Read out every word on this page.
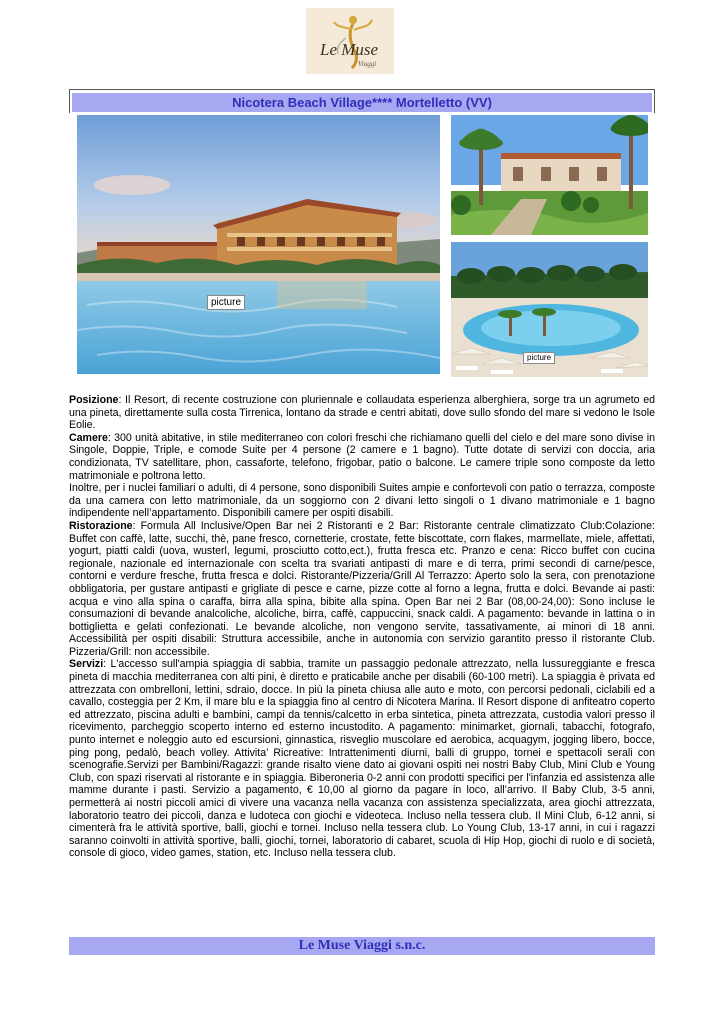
Le Muse
Viaggi
Nicotera Beach Village**** Mortelletto (VV)
picture
picture

Posizione: Il Resort, di recente costruzione con pluriennale e collaudata esperienza alberghiera, sorge tra un agrumeto ed una pineta, direttamente sulla costa Tirrenica, lontano da strade e centri abitati, dove sullo sfondo del mare si vedono le Isole Eolie.

Camere: 300 unità abitative, in stile mediterraneo con colori freschi che richiamano quelli del cielo e del mare sono divise in Singole, Doppie, Triple, e comode Suite per 4 persone (2 camere e 1 bagno). Tutte dotate di servizi con doccia, aria condizionata, TV satellitare, phon, cassaforte, telefono, frigobar, patio o balcone. Le camere triple sono composte da letto matrimoniale e poltrona letto.

Inoltre, per i nuclei familiari o adulti, di 4 persone, sono disponibili Suites ampie e confortevoli con patio o terrazza, composte da una camera con letto matrimoniale, da un soggiorno con 2 divani letto singoli o 1 divano matrimoniale e 1 bagno indipendente nell’appartamento. Disponibili camere per ospiti disabili.

Ristorazione: Formula All Inclusive/Open Bar nei 2 Ristoranti e 2 Bar: Ristorante centrale climatizzato Club:Colazione: Buffet con caffè, latte, succhi, thè, pane fresco, cornetterie, crostate, fette biscottate, corn flakes, marmellate, miele, affettati, yogurt, piatti caldi (uova, wusterl, legumi, prosciutto cotto,ect.), frutta fresca etc. Pranzo e cena: Ricco buffet con cucina regionale, nazionale ed internazionale con scelta tra svariati antipasti di mare e di terra, primi secondi di carne/pesce, contorni e verdure fresche, frutta fresca e dolci. Ristorante/Pizzeria/Grill Al Terrazzo: Aperto solo la sera, con prenotazione obbligatoria, per gustare antipasti e grigliate di pesce e carne, pizze cotte al forno a legna, frutta e dolci. Bevande ai pasti: acqua e vino alla spina o caraffa, birra alla spina, bibite alla spina. Open Bar nei 2 Bar (08,00-24,00): Sono incluse le consumazioni di bevande analcoliche, alcoliche, birra, caffè, cappuccini, snack caldi. A pagamento: bevande in lattina o in bottiglietta e gelati confezionati. Le bevande alcoliche, non vengono servite, tassativamente, ai minori di 18 anni. Accessibilità per ospiti disabili: Struttura accessibile, anche in autonomia con servizio garantito presso il ristorante Club. Pizzeria/Grill: non accessibile.

Servizi: L'accesso sull'ampia spiaggia di sabbia, tramite un passaggio pedonale attrezzato, nella lussureggiante e fresca pineta di macchia mediterranea con alti pini, è diretto e praticabile anche per disabili (60-100 metri). La spiaggia è privata ed attrezzata con ombrelloni, lettini, sdraio, docce. In più la pineta chiusa alle auto e moto, con percorsi pedonali, ciclabili ed a cavallo, costeggia per 2 Km, il mare blu e la spiaggia fino al centro di Nicotera Marina. Il Resort dispone di anfiteatro coperto ed attrezzato, piscina adulti e bambini, campi da tennis/calcetto in erba sintetica, pineta attrezzata, custodia valori presso il ricevimento, parcheggio scoperto interno ed esterno incustodito. A pagamento: minimarket, giornali, tabacchi, fotografo, punto internet e noleggio auto ed escursioni, ginnastica, risveglio muscolare ed aerobica, acquagym, jogging libero, bocce, ping pong, pedalò, beach volley. Attivita’ Ricreative: Intrattenimenti diurni, balli di gruppo, tornei e spettacoli serali con scenografie.Servizi per Bambini/Ragazzi: grande risalto viene dato ai giovani ospiti nei nostri Baby Club, Mini Club e Young Club, con spazi riservati al ristorante e in spiaggia. Biberoneria 0-2 anni con prodotti specifici per l'infanzia ed assistenza alle mamme durante i pasti. Servizio a pagamento, € 10,00 al giorno da pagare in loco, all’arrivo. Il Baby Club, 3-5 anni, permetterà ai nostri piccoli amici di vivere una vacanza nella vacanza con assistenza specializzata, area giochi attrezzata, laboratorio teatro dei piccoli, danza e ludoteca con giochi e videoteca. Incluso nella tessera club. Il Mini Club, 6-12 anni, si cimenterà fra le attività sportive, balli, giochi e tornei. Incluso nella tessera club. Lo Young Club, 13-17 anni, in cui i ragazzi saranno coinvolti in attività sportive, balli, giochi, tornei, laboratorio di cabaret, scuola di Hip Hop, giochi di ruolo e di società, console di gioco, video games, station, etc. Incluso nella tessera club.

Le Muse Viaggi s.n.c.
